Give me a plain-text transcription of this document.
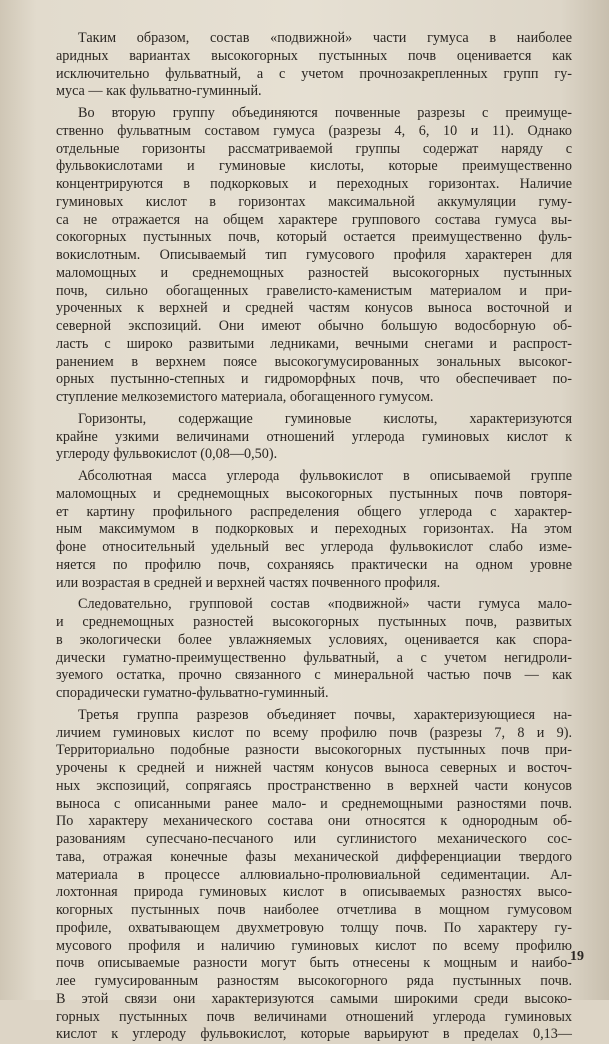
Таким образом, состав «подвижной» части гумуса в наиболее
аридных вариантах высокогорных пустынных почв оценивается как
исключительно фульватный, а с учетом прочнозакрепленных групп гу-
муса — как фульватно-гуминный.
Во вторую группу объединяются почвенные разрезы с преимуще-
ственно фульватным составом гумуса (разрезы 4, 6, 10 и 11). Однако
отдельные горизонты рассматриваемой группы содержат наряду с
фульвокислотами и гуминовые кислоты, которые преимущественно
концентрируются в подкорковых и переходных горизонтах. Наличие
гуминовых кислот в горизонтах максимальной аккумуляции гуму-
са не отражается на общем характере группового состава гумуса вы-
сокогорных пустынных почв, который остается преимущественно фуль-
вокислотным. Описываемый тип гумусового профиля характерен для
маломощных и среднемощных разностей высокогорных пустынных
почв, сильно обогащенных гравелисто-каменистым материалом и при-
уроченных к верхней и средней частям конусов выноса восточной и
северной экспозиций. Они имеют обычно большую водосборную об-
ласть с широко развитыми ледниками, вечными снегами и распрост-
ранением в верхнем поясе высокогумусированных зональных высоког-
орных пустынно-степных и гидроморфных почв, что обеспечивает по-
ступление мелкоземистого материала, обогащенного гумусом.
Горизонты, содержащие гуминовые кислоты, характеризуются
крайне узкими величинами отношений углерода гуминовых кислот к
углероду фульвокислот (0,08—0,50).
Абсолютная масса углерода фульвокислот в описываемой группе
маломощных и среднемощных высокогорных пустынных почв повторя-
ет картину профильного распределения общего углерода с характер-
ным максимумом в подкорковых и переходных горизонтах. На этом
фоне относительный удельный вес углерода фульвокислот слабо изме-
няется по профилю почв, сохраняясь практически на одном уровне
или возрастая в средней и верхней частях почвенного профиля.
Следовательно, групповой состав «подвижной» части гумуса мало-
и среднемощных разностей высокогорных пустынных почв, развитых
в экологически более увлажняемых условиях, оценивается как спора-
дически гуматно-преимущественно фульватный, а с учетом негидроли-
зуемого остатка, прочно связанного с минеральной частью почв — как
спорадически гуматно-фульватно-гуминный.
Третья группа разрезов объединяет почвы, характеризующиеся на-
личием гуминовых кислот по всему профилю почв (разрезы 7, 8 и 9).
Территориально подобные разности высокогорных пустынных почв при-
урочены к средней и нижней частям конусов выноса северных и восточ-
ных экспозиций, сопрягаясь пространственно в верхней части конусов
выноса с описанными ранее мало- и среднемощными разностями почв.
По характеру механического состава они относятся к однородным об-
разованиям супесчано-песчаного или суглинистого механического сос-
тава, отражая конечные фазы механической дифференциации твердого
материала в процессе аллювиально-пролювиальной седиментации. Ал-
лохтонная природа гуминовых кислот в описываемых разностях высо-
когорных пустынных почв наиболее отчетлива в мощном гумусовом
профиле, охватывающем двухметровую толщу почв. По характеру гу-
мусового профиля и наличию гуминовых кислот по всему профилю
почв описываемые разности могут быть отнесены к мощным и наибо-
лее гумусированным разностям высокогорного ряда пустынных почв.
В этой связи они характеризуются самыми широкими среди высоко-
горных пустынных почв величинами отношений углерода гуминовых
кислот к углероду фульвокислот, которые варьируют в пределах 0,13—
19
